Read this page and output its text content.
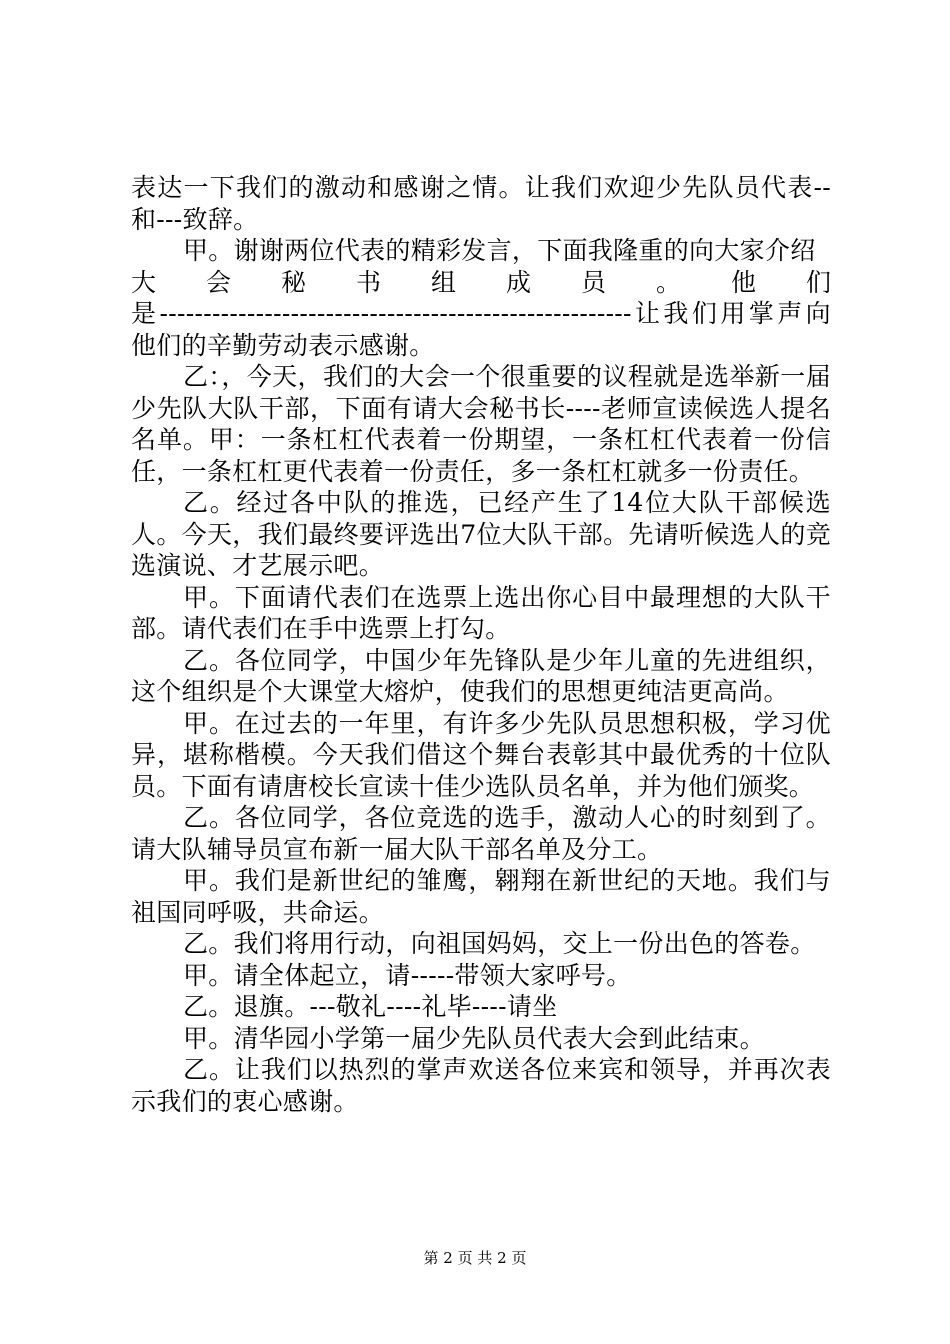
表达一下我们的激动和感谢之情。让我们欢迎少先队员代表--和---致辞。

甲。谢谢两位代表的精彩发言，下面我隆重的向大家介绍

大 会 秘 书 组 成 员 。 他 们

是------------------------------------------------------让我们用掌声向他们的辛勤劳动表示感谢。

乙：，今天，我们的大会一个很重要的议程就是选举新一届少先队大队干部，下面有请大会秘书长----老师宣读候选人提名名单。甲：一条杠杠代表着一份期望，一条杠杠代表着一份信任，一条杠杠更代表着一份责任，多一条杠杠就多一份责任。

乙。经过各中队的推选，已经产生了14位大队干部候选人。今天，我们最终要评选出7位大队干部。先请听候选人的竞选演说、才艺展示吧。

甲。下面请代表们在选票上选出你心目中最理想的大队干部。请代表们在手中选票上打勾。

乙。各位同学，中国少年先锋队是少年儿童的先进组织，这个组织是个大课堂大熔炉，使我们的思想更纯洁更高尚。

甲。在过去的一年里，有许多少先队员思想积极，学习优异，堪称楷模。今天我们借这个舞台表彰其中最优秀的十位队员。下面有请唐校长宣读十佳少选队员名单，并为他们颁奖。

乙。各位同学，各位竞选的选手，激动人心的时刻到了。请大队辅导员宣布新一届大队干部名单及分工。

甲。我们是新世纪的雏鹰，翱翔在新世纪的天地。我们与祖国同呼吸，共命运。

乙。我们将用行动，向祖国妈妈，交上一份出色的答卷。

甲。请全体起立，请-----带领大家呼号。

乙。退旗。---敬礼----礼毕----请坐

甲。清华园小学第一届少先队员代表大会到此结束。

乙。让我们以热烈的掌声欢送各位来宾和领导，并再次表示我们的衷心感谢。

第 2 页 共 2 页
